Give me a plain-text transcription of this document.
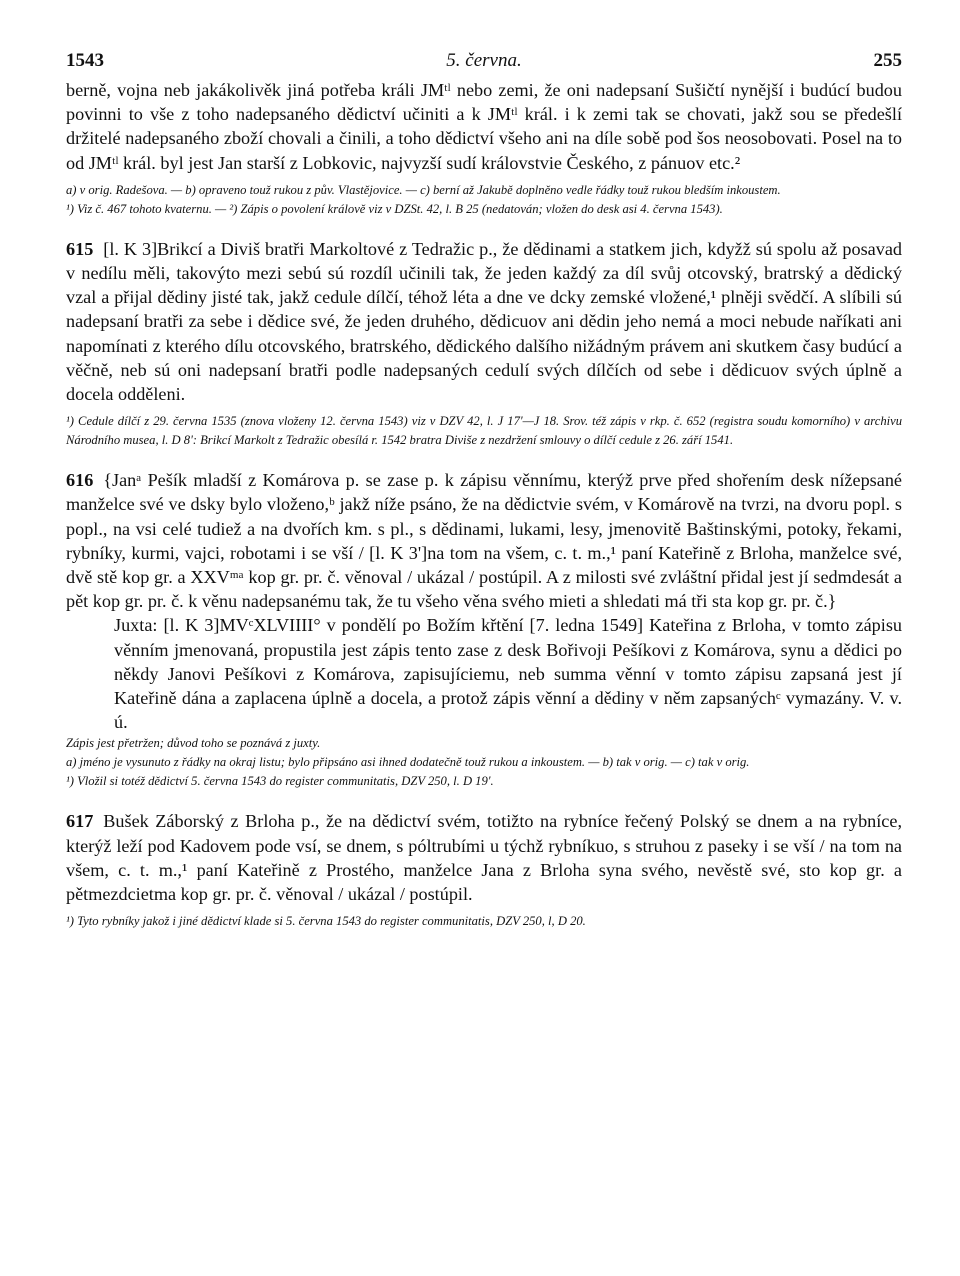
1543	5. června.	255

berně, vojna neb jakákolivěk jiná potřeba králi JMᵗˡ nebo zemi, že oni nadepsaní Sušičtí nynější i budúcí budou povinni to vše z toho nadepsaného dědictví učiniti a k JMᵗˡ král. i k zemi tak se chovati, jakž sou se předešlí držitelé nadepsaného zboží chovali a činili, a toho dědictví všeho ani na díle sobě pod šos neosobovati. Posel na to od JMᵗˡ král. byl jest Jan starší z Lobkovic, najvyzší sudí královstvie Českého, z pánuov etc.²

a) v orig. Radešova. — b) opraveno touž rukou z pův. Vlastějovice. — c) berní až Jakubě doplněno vedle řádky touž rukou bledším inkoustem.

¹) Viz č. 467 tohoto kvaternu. — ²) Zápis o povolení králově viz v DZSt. 42, l. B 25 (nedatován; vložen do desk asi 4. června 1543).

615 [l. K 3]Brikcí a Diviš bratři Markoltové z Tedražic p., že dědinami a statkem jich, kdyžž sú spolu až posavad v nedílu měli, takovýto mezi sebú sú rozdíl učinili tak, že jeden každý za díl svůj otcovský, bratrský a dědický vzal a přijal dědiny jisté tak, jakž cedule dílčí, téhož léta a dne ve dcky zemské vložené,¹ plněji svědčí. A slíbili sú nadepsaní bratři za sebe i dědice své, že jeden druhého, dědicuov ani dědin jeho nemá a moci nebude naříkati ani napomínati z kterého dílu otcovského, bratrského, dědického dalšího nižádným právem ani skutkem časy budúcí a věčně, neb sú oni nadepsaní bratři podle nadepsaných cedulí svých dílčích od sebe i dědicuov svých úplně a docela odděleni.

¹) Cedule dílčí z 29. června 1535 (znova vloženy 12. června 1543) viz v DZV 42, l. J 17'—J 18. Srov. též zápis v rkp. č. 652 (registra soudu komorního) v archivu Národního musea, l. D 8': Brikcí Markolt z Tedražic obesílá r. 1542 bratra Diviše z nezdržení smlouvy o dílčí cedule z 26. září 1541.

616 {Janᵃ Pešík mladší z Komárova p. se zase p. k zápisu věnnímu, kterýž prve před shořením desk nížepsané manželce své ve dsky bylo vloženo,ᵇ jakž níže psáno, že na dědictvie svém, v Komárově na tvrzi, na dvoru popl. s popl., na vsi celé tudiež a na dvořích km. s pl., s dědinami, lukami, lesy, jmenovitě Baštinskými, potoky, řekami, rybníky, kurmi, vajci, robotami i se vší / [l. K 3']na tom na všem, c. t. m.,¹ paní Kateřině z Brloha, manželce své, dvě stě kop gr. a XXVᵐᵃ kop gr. pr. č. věnoval / ukázal / postúpil. A z milosti své zvláštní přidal jest jí sedmdesát a pět kop gr. pr. č. k věnu nadepsanému tak, že tu všeho věna svého mieti a shledati má tři sta kop gr. pr. č.}

Juxta: [l. K 3]MVᶜXLVIIII° v pondělí po Božím křtění [7. ledna 1549] Kateřina z Brloha, v tomto zápisu věnním jmenovaná, propustila jest zápis tento zase z desk Bořivoji Pešíkovi z Komárova, synu a dědici po někdy Janovi Pešíkovi z Komárova, zapisujíciemu, neb summa věnní v tomto zápisu zapsaná jest jí Kateřině dána a zaplacena úplně a docela, a protož zápis věnní a dědiny v něm zapsanýchᶜ vymazány. V. v. ú.

Zápis jest přetržen; důvod toho se poznává z juxty.

a) jméno je vysunuto z řádky na okraj listu; bylo připsáno asi ihned dodatečně touž rukou a inkoustem. — b) tak v orig. — c) tak v orig.

¹) Vložil si totéž dědictví 5. června 1543 do register communitatis, DZV 250, l. D 19'.

617 Bušek Záborský z Brloha p., že na dědictví svém, totižto na rybníce řečený Polský se dnem a na rybníce, kterýž leží pod Kadovem pode vsí, se dnem, s póltrubími u týchž rybníkuo, s struhou z paseky i se vší / na tom na všem, c. t. m.,¹ paní Kateřině z Prostého, manželce Jana z Brloha syna svého, nevěstě své, sto kop gr. a pětmezdcietma kop gr. pr. č. věnoval / ukázal / postúpil.

¹) Tyto rybníky jakož i jiné dědictví klade si 5. června 1543 do register communitatis, DZV 250, l, D 20.
